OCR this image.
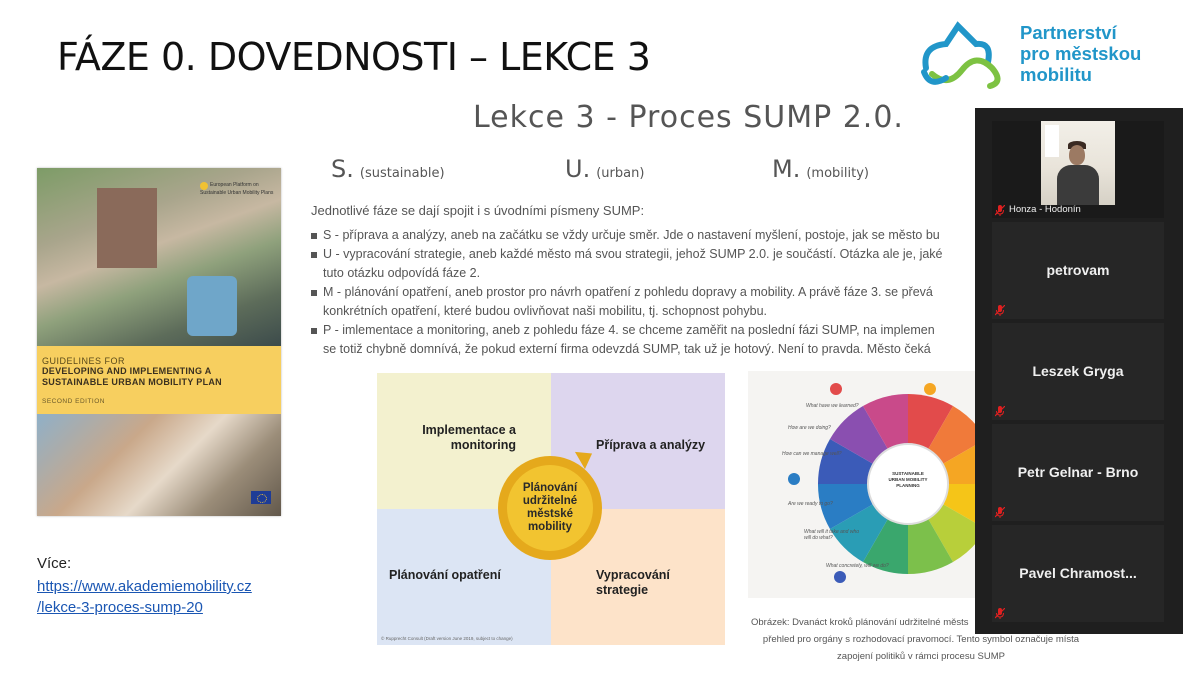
FÁZE 0. DOVEDNOSTI – LEKCE 3
Partnerství
pro městskou
mobilitu
Lekce 3 - Proces SUMP 2.0.
S. (sustainable)	U. (urban)	M. (mobility)
Jednotlivé fáze se dají spojit i s úvodními písmeny SUMP:
S - příprava a analýzy, aneb na začátku se vždy určuje směr. Jde o nastavení myšlení, postoje, jak se město bu
U - vypracování strategie, aneb každé město má svou strategii, jehož SUMP 2.0. je součástí. Otázka ale je, jaké
tuto otázku odpovídá fáze 2.
M - plánování opatření, aneb prostor pro návrh opatření z pohledu dopravy a mobility. A právě fáze 3. se převá
konkrétních opatření, které budou ovlivňovat naši mobilitu, tj. schopnost pohybu.
P - imlementace a monitoring, aneb z pohledu fáze 4. se chceme zaměřit na poslední fázi SUMP, na implemen
se totiž chybně domnívá, že pokud externí firma odevzdá SUMP, tak už je hotový. Není to pravda. Město čeká
European Platform on Sustainable Urban Mobility Plans
GUIDELINES FOR
DEVELOPING AND IMPLEMENTING A
SUSTAINABLE URBAN MOBILITY PLAN
SECOND EDITION
Více:
https://www.akademiemobility.cz
/lekce-3-proces-sump-20
Implementace a monitoring	Příprava a analýzy
Plánování opatření	Vypracování strategie
Plánování
udržitelné
městské
mobility
© Rupprecht Consult (Draft version June 2019, subject to change)
SUSTAINABLE
URBAN MOBILITY
PLANNING
What have we learned?
How are we doing?
How can we manage well?
Are we ready to go?
What will it take and who will do what?
What concretely, will we do?
Obrázek: Dvanáct kroků plánování udržitelné městs
přehled pro orgány s rozhodovací pravomocí. Tento symbol označuje místa
zapojení politiků v rámci procesu SUMP
Honza - Hodonín
petrovam
Leszek Gryga
Petr Gelnar - Brno
Pavel Chramost...
